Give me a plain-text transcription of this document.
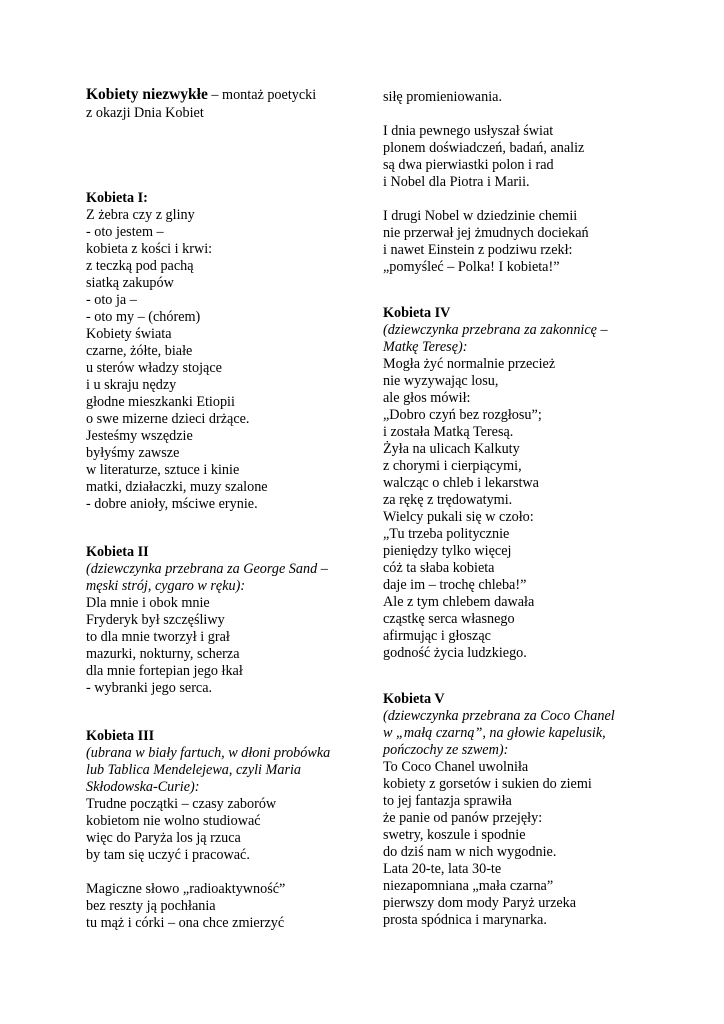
Kobiety niezwykłe – montaż poetycki
z okazji Dnia Kobiet
Kobieta I:
Z żebra czy z gliny
- oto jestem –
kobieta z kości i krwi:
z teczką pod pachą
siatką zakupów
- oto ja –
- oto my – (chórem)
Kobiety świata
czarne, żółte, białe
u sterów władzy stojące
i u skraju nędzy
głodne mieszkanki Etiopii
o swe mizerne dzieci drżące.
Jesteśmy wszędzie
byłyśmy zawsze
w literaturze, sztuce i kinie
matki, działaczki, muzy szalone
- dobre anioły, mściwe erynie.
Kobieta II
(dziewczynka przebrana za George Sand –
męski strój, cygaro w ręku):
Dla mnie i obok mnie
Fryderyk był szczęśliwy
to dla mnie tworzył i grał
mazurki, nokturny, scherza
dla mnie fortepian jego łkał
- wybranki jego serca.
Kobieta III
(ubrana w biały fartuch, w dłoni probówka
lub Tablica Mendelejewa, czyli Maria
Skłodowska-Curie):
Trudne początki – czasy zaborów
kobietom nie wolno studiować
więc do Paryża los ją rzuca
by tam się uczyć i pracować.
Magiczne słowo „radioaktywność”
bez reszty ją pochłania
tu mąż i córki – ona chce zmierzyć
siłę promieniowania.
I dnia pewnego usłyszał świat
plonem doświadczeń, badań, analiz
są dwa pierwiastki polon i rad
i Nobel dla Piotra i Marii.
I drugi Nobel w dziedzinie chemii
nie przerwał jej żmudnych dociekań
i nawet Einstein z podziwu rzekł:
„pomyśleć – Polka! I kobieta!”
Kobieta IV
(dziewczynka przebrana za zakonnicę –
Matkę Teresę):
Mogła żyć normalnie przecież
nie wyzywając losu,
ale głos mówił:
„Dobro czyń bez rozgłosu”;
i została Matką Teresą.
Żyła na ulicach Kalkuty
z chorymi i cierpiącymi,
walcząc o chleb i lekarstwa
za rękę z trędowatymi.
Wielcy pukali się w czoło:
„Tu trzeba politycznie
pieniędzy tylko więcej
cóż ta słaba kobieta
daje im – trochę chleba!”
Ale z tym chlebem dawała
cząstkę serca własnego
afirmując i głosząc
godność życia ludzkiego.
Kobieta V
(dziewczynka przebrana za Coco Chanel
w „małą czarną”, na głowie kapelusik,
pończochy ze szwem):
To Coco Chanel uwolniła
kobiety z gorsetów i sukien do ziemi
to jej fantazja sprawiła
że panie od panów przejęły:
swetry, koszule i spodnie
do dziś nam w nich wygodnie.
Lata 20-te, lata 30-te
niezapomniana „mała czarna”
pierwszy dom mody Paryż urzeka
prosta spódnica i marynarka.
